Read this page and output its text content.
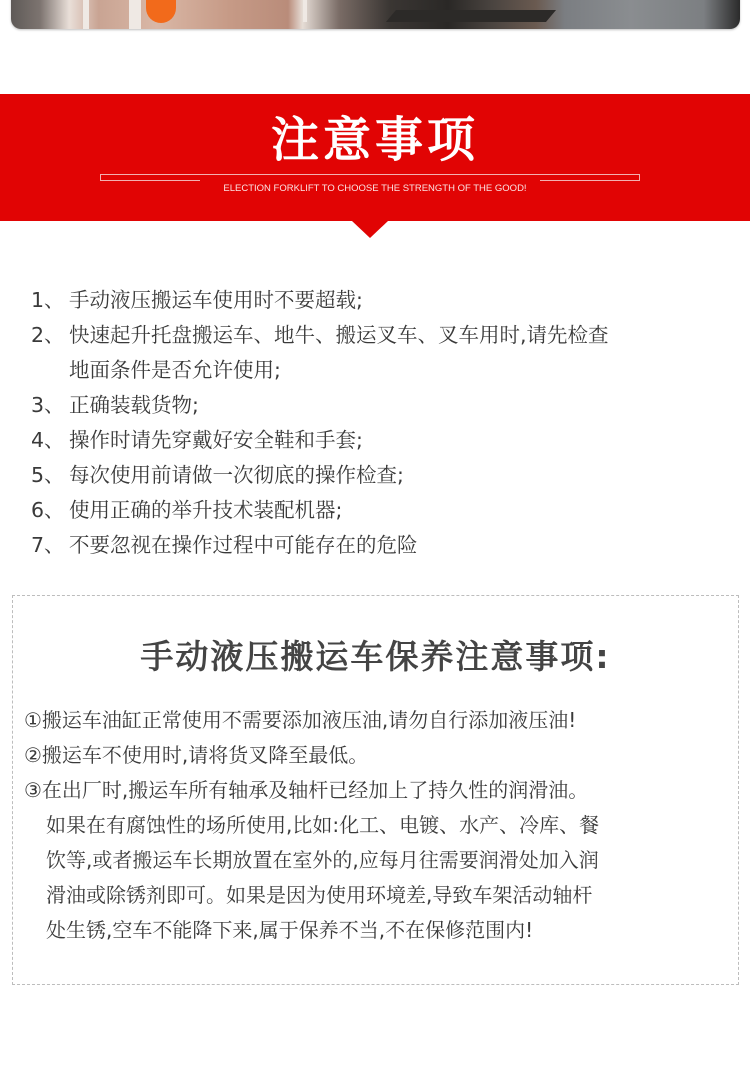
注意事项
ELECTION FORKLIFT TO CHOOSE THE STRENGTH OF THE GOOD!
1、 手动液压搬运车使用时不要超载;
2、 快速起升托盘搬运车、地牛、搬运叉车、叉车用时,请先检查
地面条件是否允许使用;
3、 正确装载货物;
4、 操作时请先穿戴好安全鞋和手套;
5、 每次使用前请做一次彻底的操作检查;
6、 使用正确的举升技术装配机器;
7、 不要忽视在操作过程中可能存在的危险
手动液压搬运车保养注意事项:
①搬运车油缸正常使用不需要添加液压油,请勿自行添加液压油!
②搬运车不使用时,请将货叉降至最低。
③在出厂时,搬运车所有轴承及轴杆已经加上了持久性的润滑油。
如果在有腐蚀性的场所使用,比如:化工、电镀、水产、冷库、餐
饮等,或者搬运车长期放置在室外的,应每月往需要润滑处加入润
滑油或除锈剂即可。如果是因为使用环境差,导致车架活动轴杆
处生锈,空车不能降下来,属于保养不当,不在保修范围内!
